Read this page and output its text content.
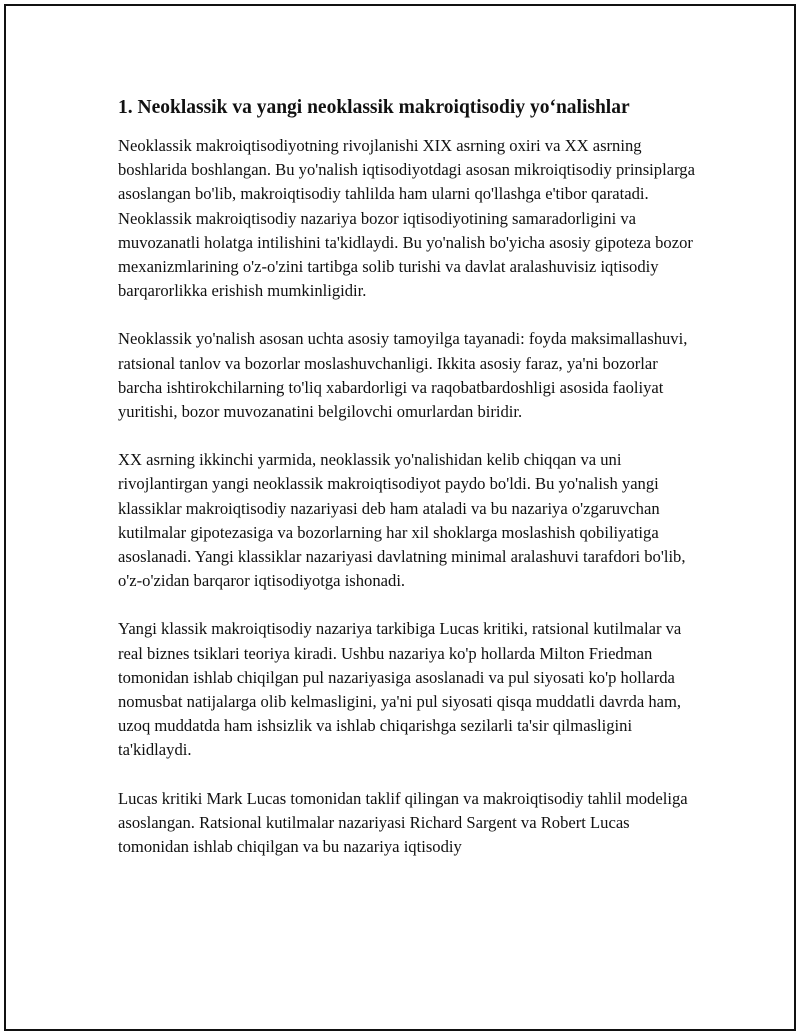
1. Neoklassik va yangi neoklassik makroiqtisodiy yo‘nalishlar

Neoklassik makroiqtisodiyotning rivojlanishi XIX asrning oxiri va XX asrning boshlarida boshlangan. Bu yo'nalish iqtisodiyotdagi asosan mikroiqtisodiy prinsiplarga asoslangan bo'lib, makroiqtisodiy tahlilda ham ularni qo'llashga e'tibor qaratadi. Neoklassik makroiqtisodiy nazariya bozor iqtisodiyotining samaradorligini va muvozanatli holatga intilishini ta'kidlaydi. Bu yo'nalish bo'yicha asosiy gipoteza bozor mexanizmlarining o'z-o'zini tartibga solib turishi va davlat aralashuvisiz iqtisodiy barqarorlikka erishish mumkinligidir.

Neoklassik yo'nalish asosan uchta asosiy tamoyilga tayanadi: foyda maksimallashuvi, ratsional tanlov va bozorlar moslashuvchanligi. Ikkita asosiy faraz, ya'ni bozorlar barcha ishtirokchilarning to'liq xabardorligi va raqobatbardoshligi asosida faoliyat yuritishi, bozor muvozanatini belgilovchi omurlardan biridir.

XX asrning ikkinchi yarmida, neoklassik yo'nalishidan kelib chiqqan va uni rivojlantirgan yangi neoklassik makroiqtisodiyot paydo bo'ldi. Bu yo'nalish yangi klassiklar makroiqtisodiy nazariyasi deb ham ataladi va bu nazariya o'zgaruvchan kutilmalar gipotezasiga va bozorlarning har xil shoklarga moslashish qobiliyatiga asoslanadi. Yangi klassiklar nazariyasi davlatning minimal aralashuvi tarafdori bo'lib, o'z-o'zidan barqaror iqtisodiyotga ishonadi.

Yangi klassik makroiqtisodiy nazariya tarkibiga Lucas kritiki, ratsional kutilmalar va real biznes tsiklari teoriya kiradi. Ushbu nazariya ko'p hollarda Milton Friedman tomonidan ishlab chiqilgan pul nazariyasiga asoslanadi va pul siyosati ko'p hollarda nomusbat natijalarga olib kelmasligini, ya'ni pul siyosati qisqa muddatli davrda ham, uzoq muddatda ham ishsizlik va ishlab chiqarishga sezilarli ta'sir qilmasligini ta'kidlaydi.

Lucas kritiki Mark Lucas tomonidan taklif qilingan va makroiqtisodiy tahlil modeliga asoslangan. Ratsional kutilmalar nazariyasi Richard Sargent va Robert Lucas tomonidan ishlab chiqilgan va bu nazariya iqtisodiy
